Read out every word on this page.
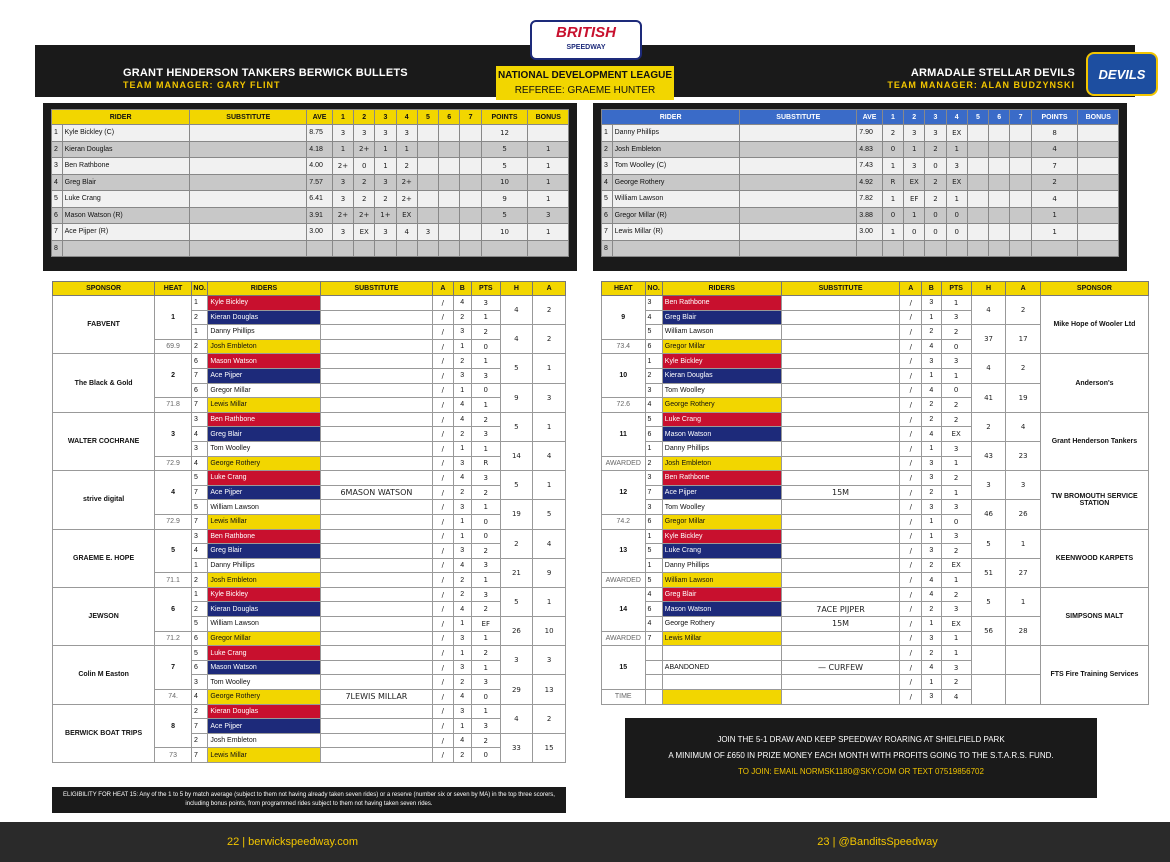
GRANT HENDERSON TANKERS BERWICK BULLETS
TEAM MANAGER: GARY FLINT
RIDER		SUBSTITUTE	AVE	1	2	3	4	5	6	7	POINTS	BONUS
1	Kyle Bickley (C)		8.75	3	3	3	3				12	
2	Kieran Douglas		4.18	1	2+	1	1				5	1
3	Ben Rathbone		4.00	2+	0	1	2				5	1
4	Greg Blair		7.57	3	2	3	2+				10	1
5	Luke Crang		6.41	3	2	2	2+				9	1
6	Mason Watson (R)		3.91	2+	2+	1+	EX				5	3
7	Ace Pijper (R)		3.00	3	EX	3	4	3			10	1
8												
SPONSOR	HEAT	NO.	RIDERS	SUBSTITUTE	A	B	PTS	H	A
FABVENT	1	1	Kyle Bickley		/	4	3	4	2
		2	Kieran Douglas		/	2	1		
		1	Danny Phillips		/	3	2	4	2
	69.9	2	Josh Embleton		/	1	0		
The Black & Gold	2	6	Mason Watson		/	2	1	5	1
		7	Ace Pijper		/	3	3		
		6	Gregor Millar		/	1	0	9	3
	71.8	7	Lewis Millar		/	4	1		
WALTER COCHRANE	3	3	Ben Rathbone		/	4	2	5	1
		4	Greg Blair		/	2	3		
		3	Tom Woolley		/	1	1	14	4
	72.9	4	George Rothery		/	3	R		
strive digital	4	5	Luke Crang		/	4	3	5	1
		7	Ace Pijper	6MASON WATSON	/	2	2		
		5	William Lawson		/	3	1	19	5
	72.9	7	Lewis Millar		/	1	0		
GRAEME E. HOPE	5	3	Ben Rathbone		/	1	0	2	4
		4	Greg Blair		/	3	2		
		1	Danny Phillips		/	4	3	21	9
	71.1	2	Josh Embleton		/	2	1		
JEWSON	6	1	Kyle Bickley		/	2	3	5	1
		2	Kieran Douglas		/	4	2		
		5	William Lawson		/	1	EF	26	10
	71.2	6	Gregor Millar		/	3	1		
Colin M Easton	7	5	Luke Crang		/	1	2	3	3
		6	Mason Watson		/	3	1		
		3	Tom Woolley		/	2	3	29	13
	74.	4	George Rothery	7LEWIS MILLAR	/	4	0		
BERWICK BOAT TRIPS	8	2	Kieran Douglas		/	3	1	4	2
		7	Ace Pijper		/	1	3		
		2	Josh Embleton		/	4	2	33	15
	73	7	Lewis Millar		/	2	0		
ELIGIBILITY FOR HEAT 15: Any of the 1 to 5 by match average (subject to them not having already taken seven rides) or a reserve (number six or seven by MA) in the top three scorers, including bonus points, from programmed rides subject to them not having taken seven rides.
22 | berwickspeedway.com
ARMADALE STELLAR DEVILS
TEAM MANAGER: ALAN BUDZYNSKI
DEVILS
RIDER		SUBSTITUTE	AVE	1	2	3	4	5	6	7	POINTS	BONUS
1	Danny Phillips		7.90	2	3	3	EX				8	
2	Josh Embleton		4.83	0	1	2	1				4	
3	Tom Woolley (C)		7.43	1	3	0	3				7	
4	George Rothery		4.92	R	EX	2	EX				2	
5	William Lawson		7.82	1	EF	2	1				4	
6	Gregor Millar (R)		3.88	0	1	0	0				1	
7	Lewis Millar (R)		3.00	1	0	0	0				1	
8												
HEAT	NO.	RIDERS	SUBSTITUTE	A	B	PTS	H	A	SPONSOR
9	3	Ben Rathbone		/	3	1	4	2	Mike Hope of Wooler Ltd
	4	Greg Blair		/	1	3			
	5	William Lawson		/	2	2	37	17	
73.4	6	Gregor Millar		/	4	0			
10	1	Kyle Bickley		/	3	3	4	2	Anderson's
	2	Kieran Douglas		/	1	1			
	3	Tom Woolley		/	4	0	41	19	
72.6	4	George Rothery		/	2	2			
11	5	Luke Crang		/	2	2	2	4	Grant Henderson Tankers
	6	Mason Watson		/	4	EX			
	1	Danny Phillips		/	1	3	43	23	
AWARDED	2	Josh Embleton		/	3	1			
12	3	Ben Rathbone		/	3	2	3	3	TW BROMOUTH SERVICE STATION
	7	Ace Pijper	15M	/	2	1			
	3	Tom Woolley		/	3	3	46	26	
74.2	6	Gregor Millar		/	1	0			
13	1	Kyle Bickley		/	1	3	5	1	KEENWOOD KARPETS
	5	Luke Crang		/	3	2			
	1	Danny Phillips		/	2	EX	51	27	
AWARDED	5	William Lawson		/	4	1			
14	4	Greg Blair		/	4	2	5	1	SIMPSONS MALT
	6	Mason Watson	7ACE PIJPER	/	2	3			
	4	George Rothery	15M	/	1	EX	56	28	
AWARDED	7	Lewis Millar		/	3	1			
15				/	2	1			FTS Fire Training Services
		ABANDONED	— CURFEW	/	4	3			
				/	1	2			
TIME				/	3	4			
JOIN THE 5-1 DRAW AND KEEP SPEEDWAY ROARING AT SHIELFIELD PARK
A MINIMUM OF £650 IN PRIZE MONEY EACH MONTH WITH PROFITS GOING TO THE S.T.A.R.S. FUND.
TO JOIN: EMAIL NORMSK1180@SKY.COM OR TEXT 07519856702
23 | @BanditsSpeedway
BRITISH
SPEEDWAY
NATIONAL DEVELOPMENT LEAGUE
REFEREE: GRAEME HUNTER
